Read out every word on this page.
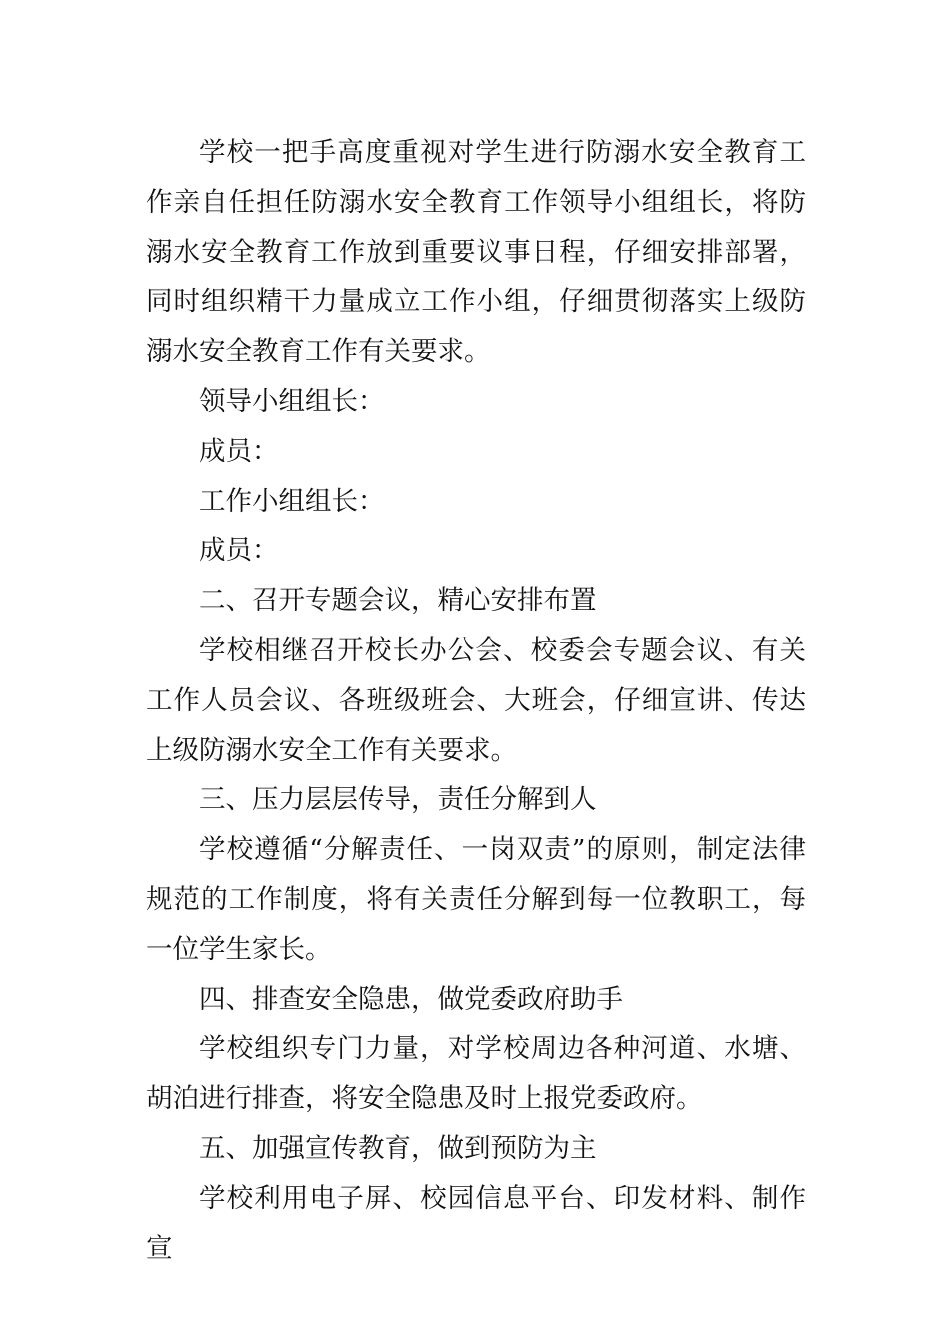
学校一把手高度重视对学生进行防溺水安全教育工作亲自任担任防溺水安全教育工作领导小组组长，将防溺水安全教育工作放到重要议事日程，仔细安排部署，同时组织精干力量成立工作小组，仔细贯彻落实上级防溺水安全教育工作有关要求。

领导小组组长：

成员：

工作小组组长：

成员：

二、召开专题会议，精心安排布置

学校相继召开校长办公会、校委会专题会议、有关工作人员会议、各班级班会、大班会，仔细宣讲、传达上级防溺水安全工作有关要求。

三、压力层层传导，责任分解到人

学校遵循“分解责任、一岗双责”的原则，制定法律规范的工作制度，将有关责任分解到每一位教职工，每一位学生家长。

四、排查安全隐患，做党委政府助手

学校组织专门力量，对学校周边各种河道、水塘、胡泊进行排查，将安全隐患及时上报党委政府。

五、加强宣传教育，做到预防为主

学校利用电子屏、校园信息平台、印发材料、制作宣
